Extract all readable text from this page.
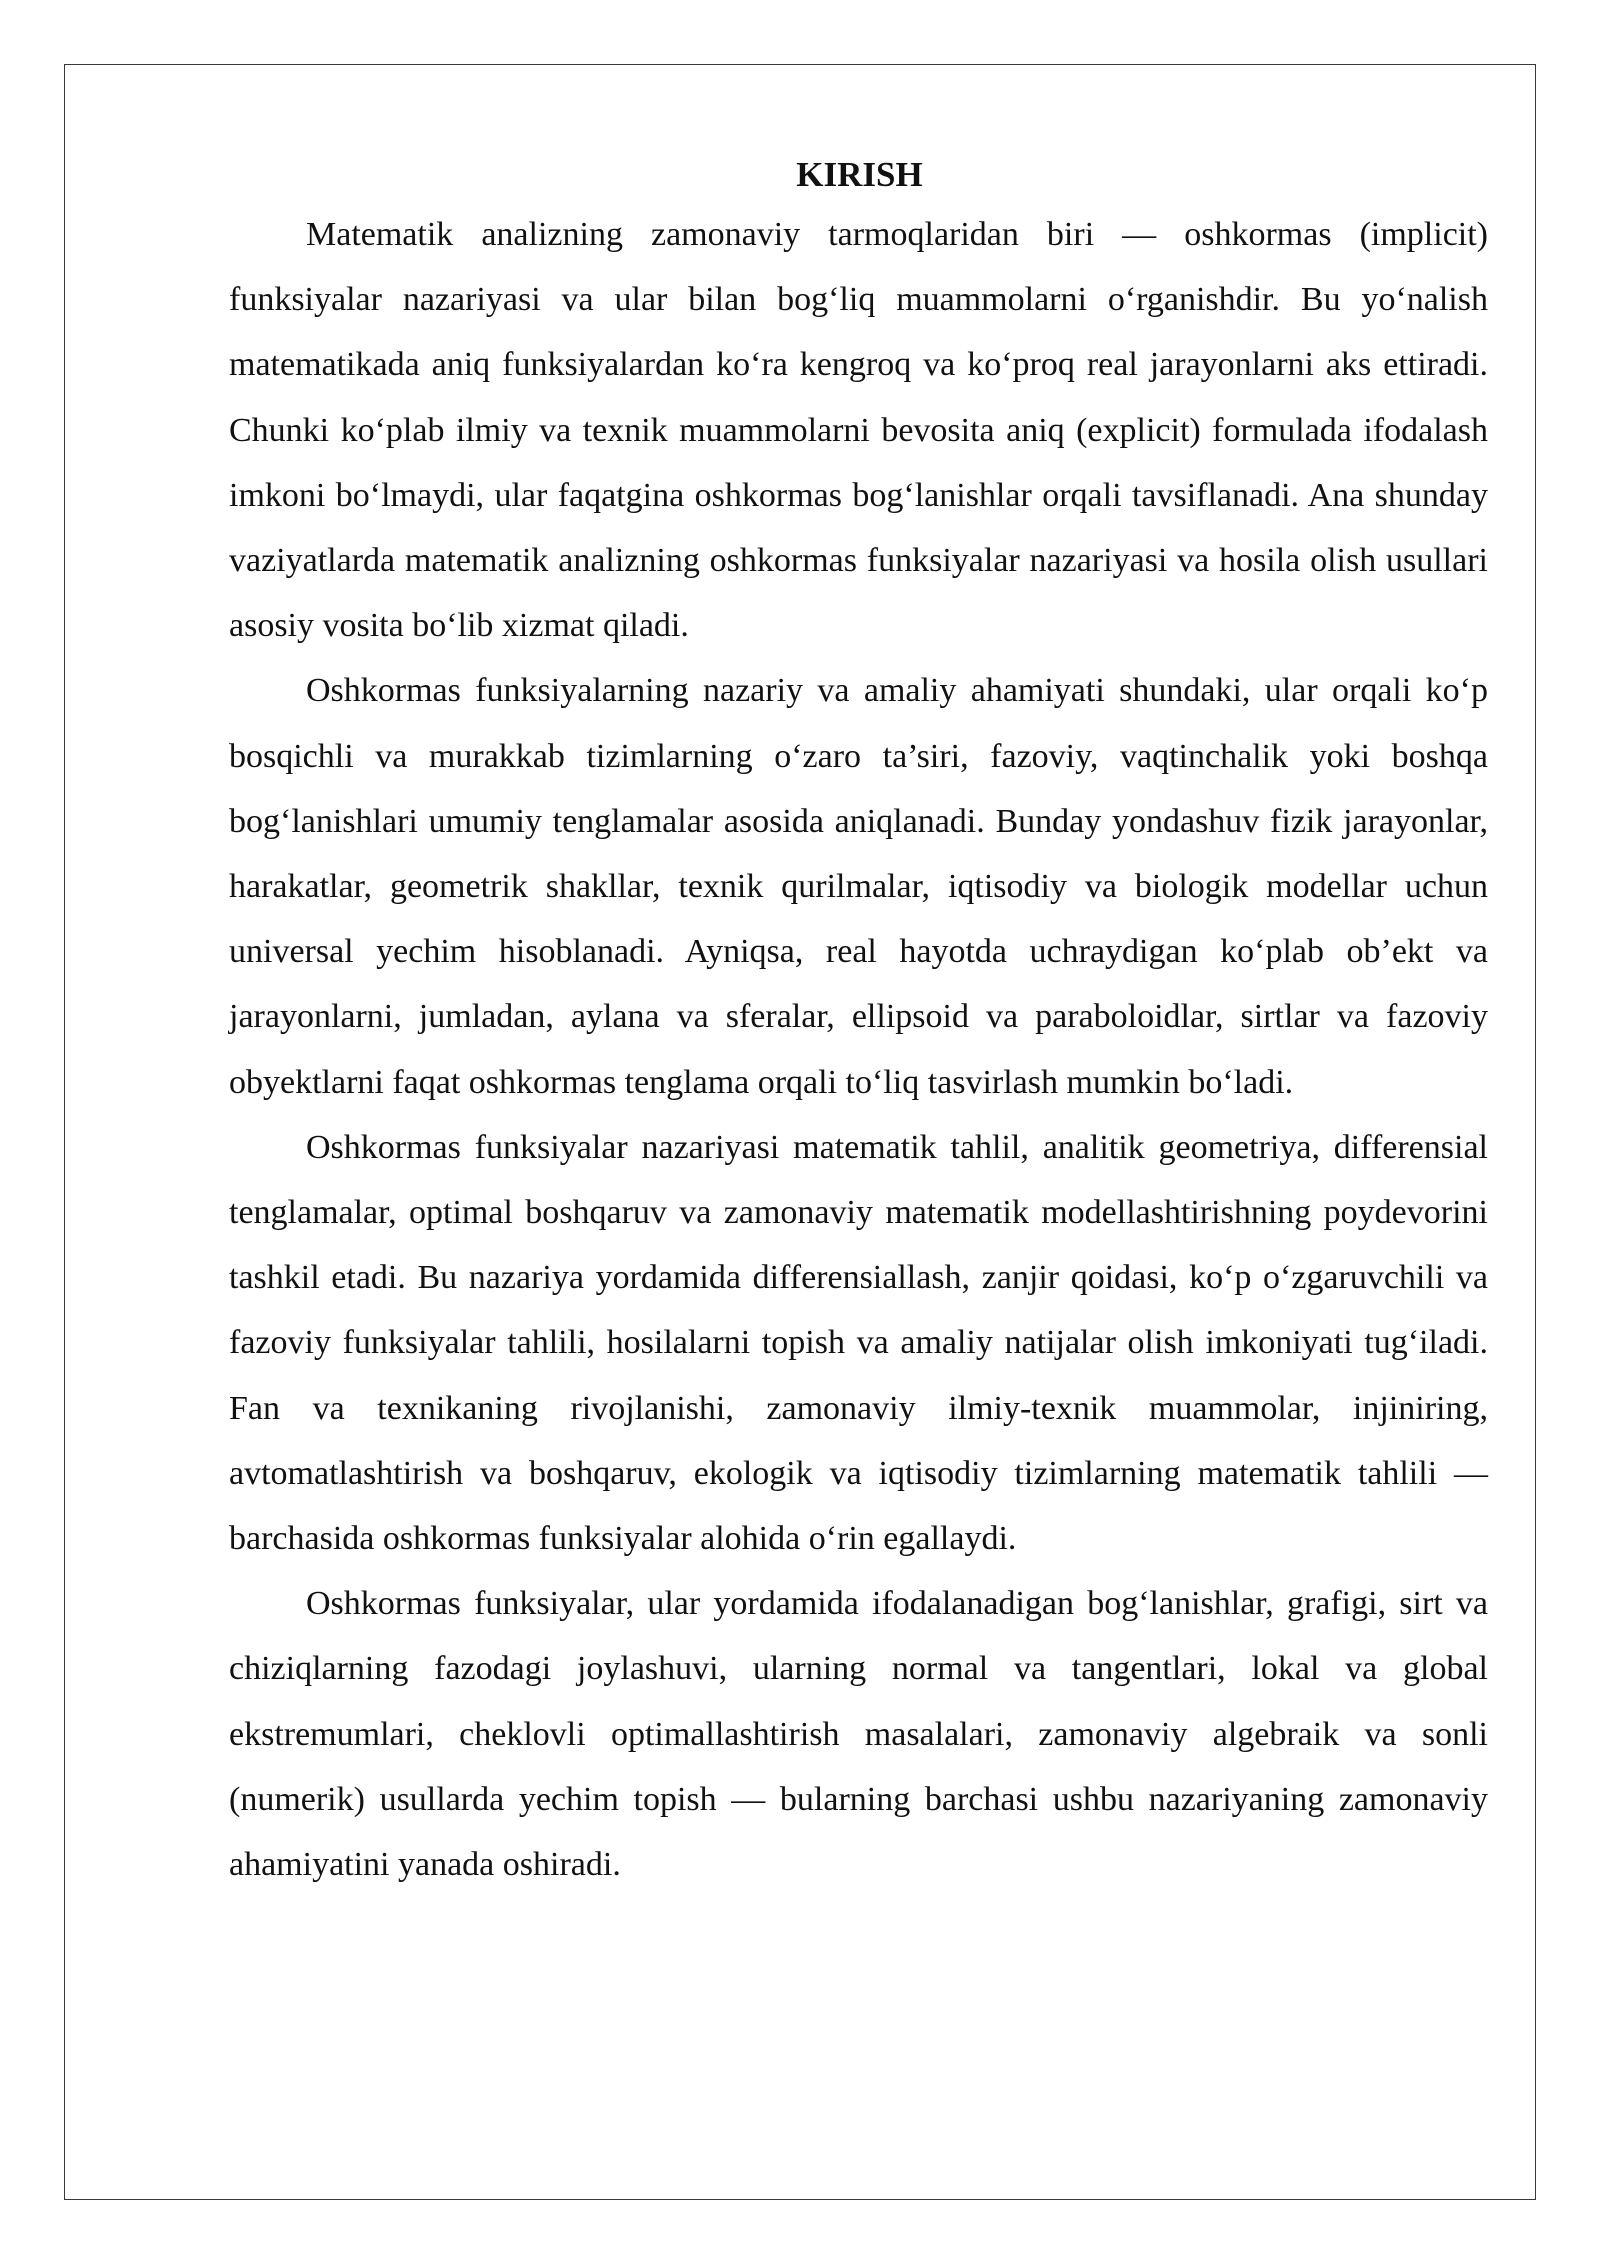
KIRISH

Matematik analizning zamonaviy tarmoqlaridan biri — oshkormas (implicit) funksiyalar nazariyasi va ular bilan bog‘liq muammolarni o‘rganishdir. Bu yo‘nalish matematikada aniq funksiyalardan ko‘ra kengroq va ko‘proq real jarayonlarni aks ettiradi. Chunki ko‘plab ilmiy va texnik muammolarni bevosita aniq (explicit) formulada ifodalash imkoni bo‘lmaydi, ular faqatgina oshkormas bog‘lanishlar orqali tavsiflanadi. Ana shunday vaziyatlarda matematik analizning oshkormas funksiyalar nazariyasi va hosila olish usullari asosiy vosita bo‘lib xizmat qiladi.

Oshkormas funksiyalarning nazariy va amaliy ahamiyati shundaki, ular orqali ko‘p bosqichli va murakkab tizimlarning o‘zaro ta’siri, fazoviy, vaqtinchalik yoki boshqa bog‘lanishlari umumiy tenglamalar asosida aniqlanadi. Bunday yondashuv fizik jarayonlar, harakatlar, geometrik shakllar, texnik qurilmalar, iqtisodiy va biologik modellar uchun universal yechim hisoblanadi. Ayniqsa, real hayotda uchraydigan ko‘plab ob’ekt va jarayonlarni, jumladan, aylana va sferalar, ellipsoid va paraboloidlar, sirtlar va fazoviy obyektlarni faqat oshkormas tenglama orqali to‘liq tasvirlash mumkin bo‘ladi.

Oshkormas funksiyalar nazariyasi matematik tahlil, analitik geometriya, differensial tenglamalar, optimal boshqaruv va zamonaviy matematik modellashtirishning poydevorini tashkil etadi. Bu nazariya yordamida differensiallash, zanjir qoidasi, ko‘p o‘zgaruvchili va fazoviy funksiyalar tahlili, hosilalarni topish va amaliy natijalar olish imkoniyati tug‘iladi. Fan va texnikaning rivojlanishi, zamonaviy ilmiy-texnik muammolar, injiniring, avtomatlashtirish va boshqaruv, ekologik va iqtisodiy tizimlarning matematik tahlili — barchasida oshkormas funksiyalar alohida o‘rin egallaydi.

Oshkormas funksiyalar, ular yordamida ifodalanadigan bog‘lanishlar, grafigi, sirt va chiziqlarning fazodagi joylashuvi, ularning normal va tangentlari, lokal va global ekstremumlari, cheklovli optimallashtirish masalalari, zamonaviy algebraik va sonli (numerik) usullarda yechim topish — bularning barchasi ushbu nazariyaning zamonaviy ahamiyatini yanada oshiradi.
